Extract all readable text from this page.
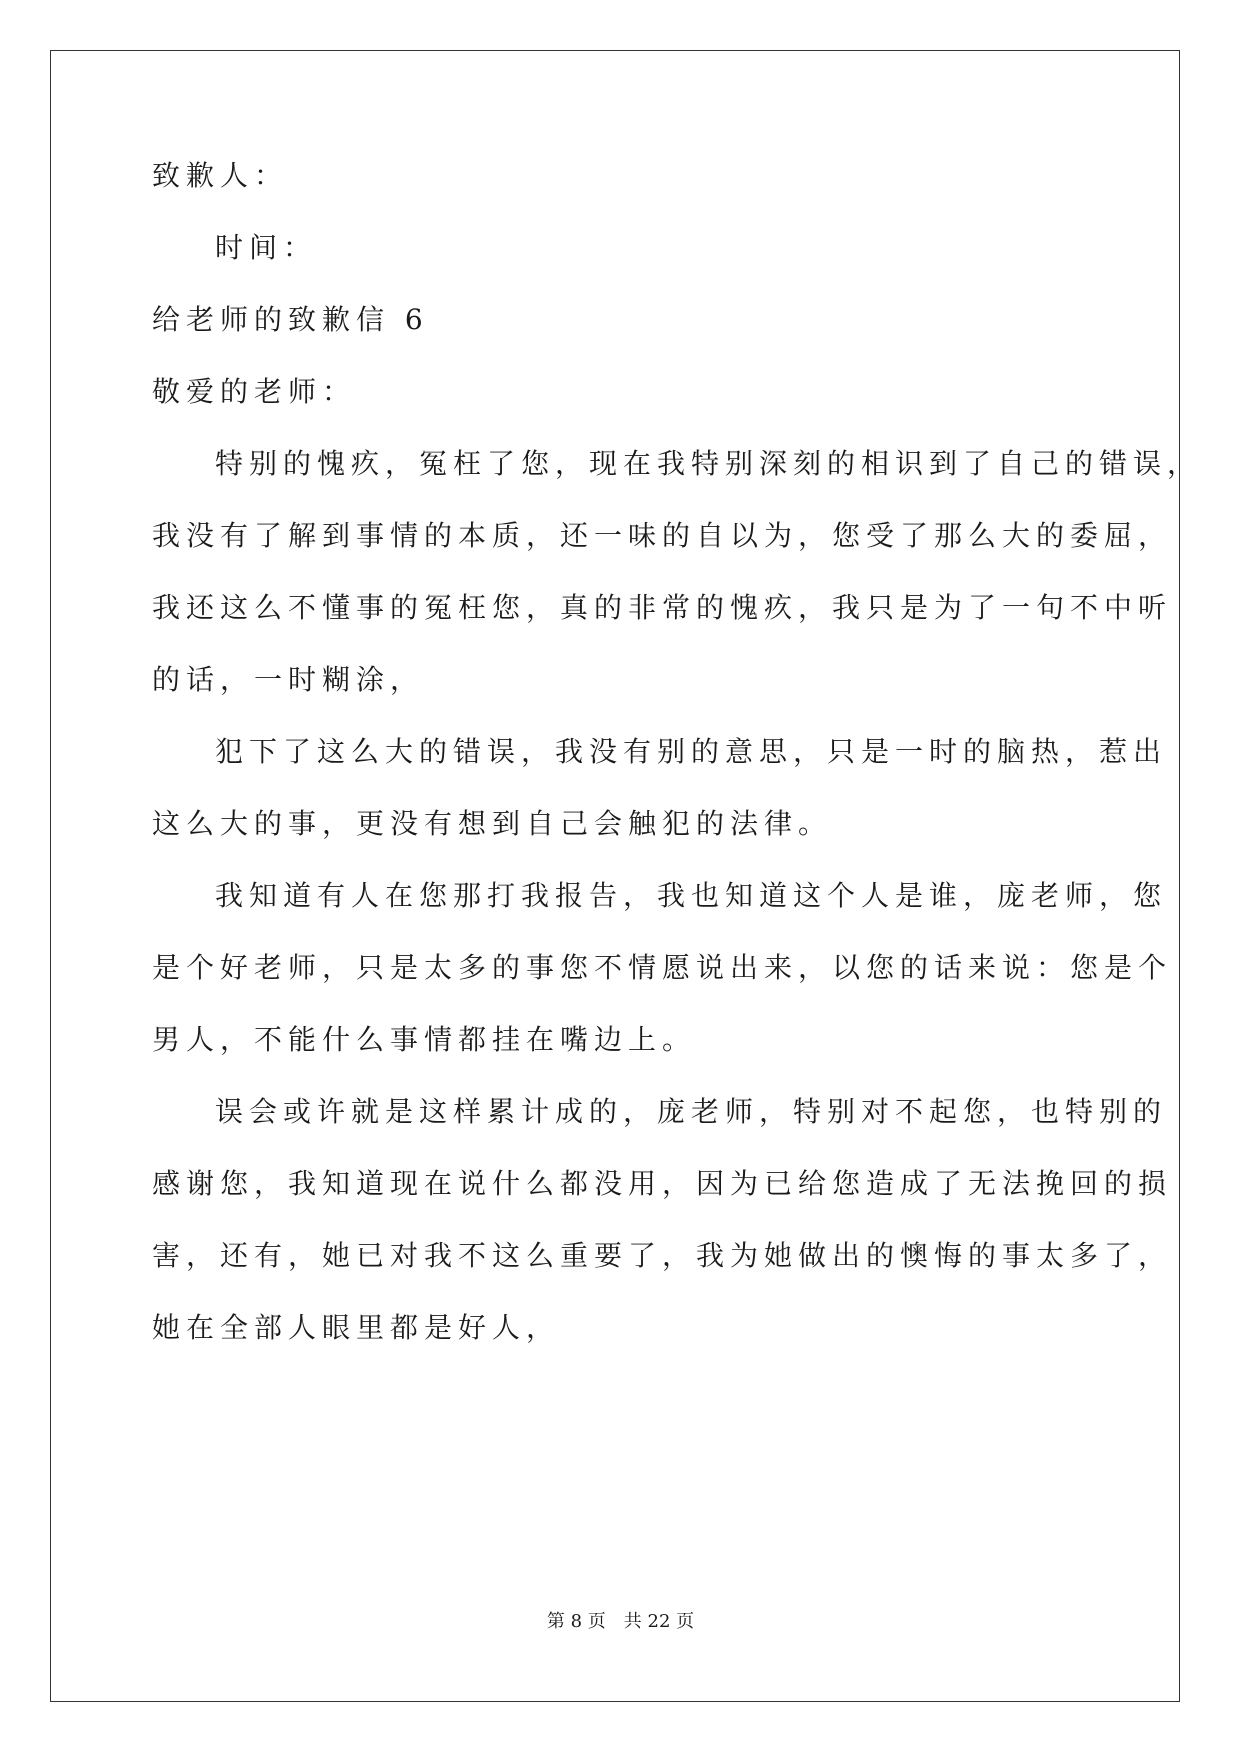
致歉人：
时间：
给老师的致歉信 6
敬爱的老师：
特别的愧疚，冤枉了您，现在我特别深刻的相识到了自己的错误，
我没有了解到事情的本质，还一味的自以为，您受了那么大的委屈，
我还这么不懂事的冤枉您，真的非常的愧疚，我只是为了一句不中听
的话，一时糊涂，
犯下了这么大的错误，我没有别的意思，只是一时的脑热，惹出
这么大的事，更没有想到自己会触犯的法律。
我知道有人在您那打我报告，我也知道这个人是谁，庞老师，您
是个好老师，只是太多的事您不情愿说出来，以您的话来说：您是个
男人，不能什么事情都挂在嘴边上。
误会或许就是这样累计成的，庞老师，特别对不起您，也特别的
感谢您，我知道现在说什么都没用，因为已给您造成了无法挽回的损
害，还有，她已对我不这么重要了，我为她做出的懊悔的事太多了，
她在全部人眼里都是好人，
第 8 页　共 22 页
